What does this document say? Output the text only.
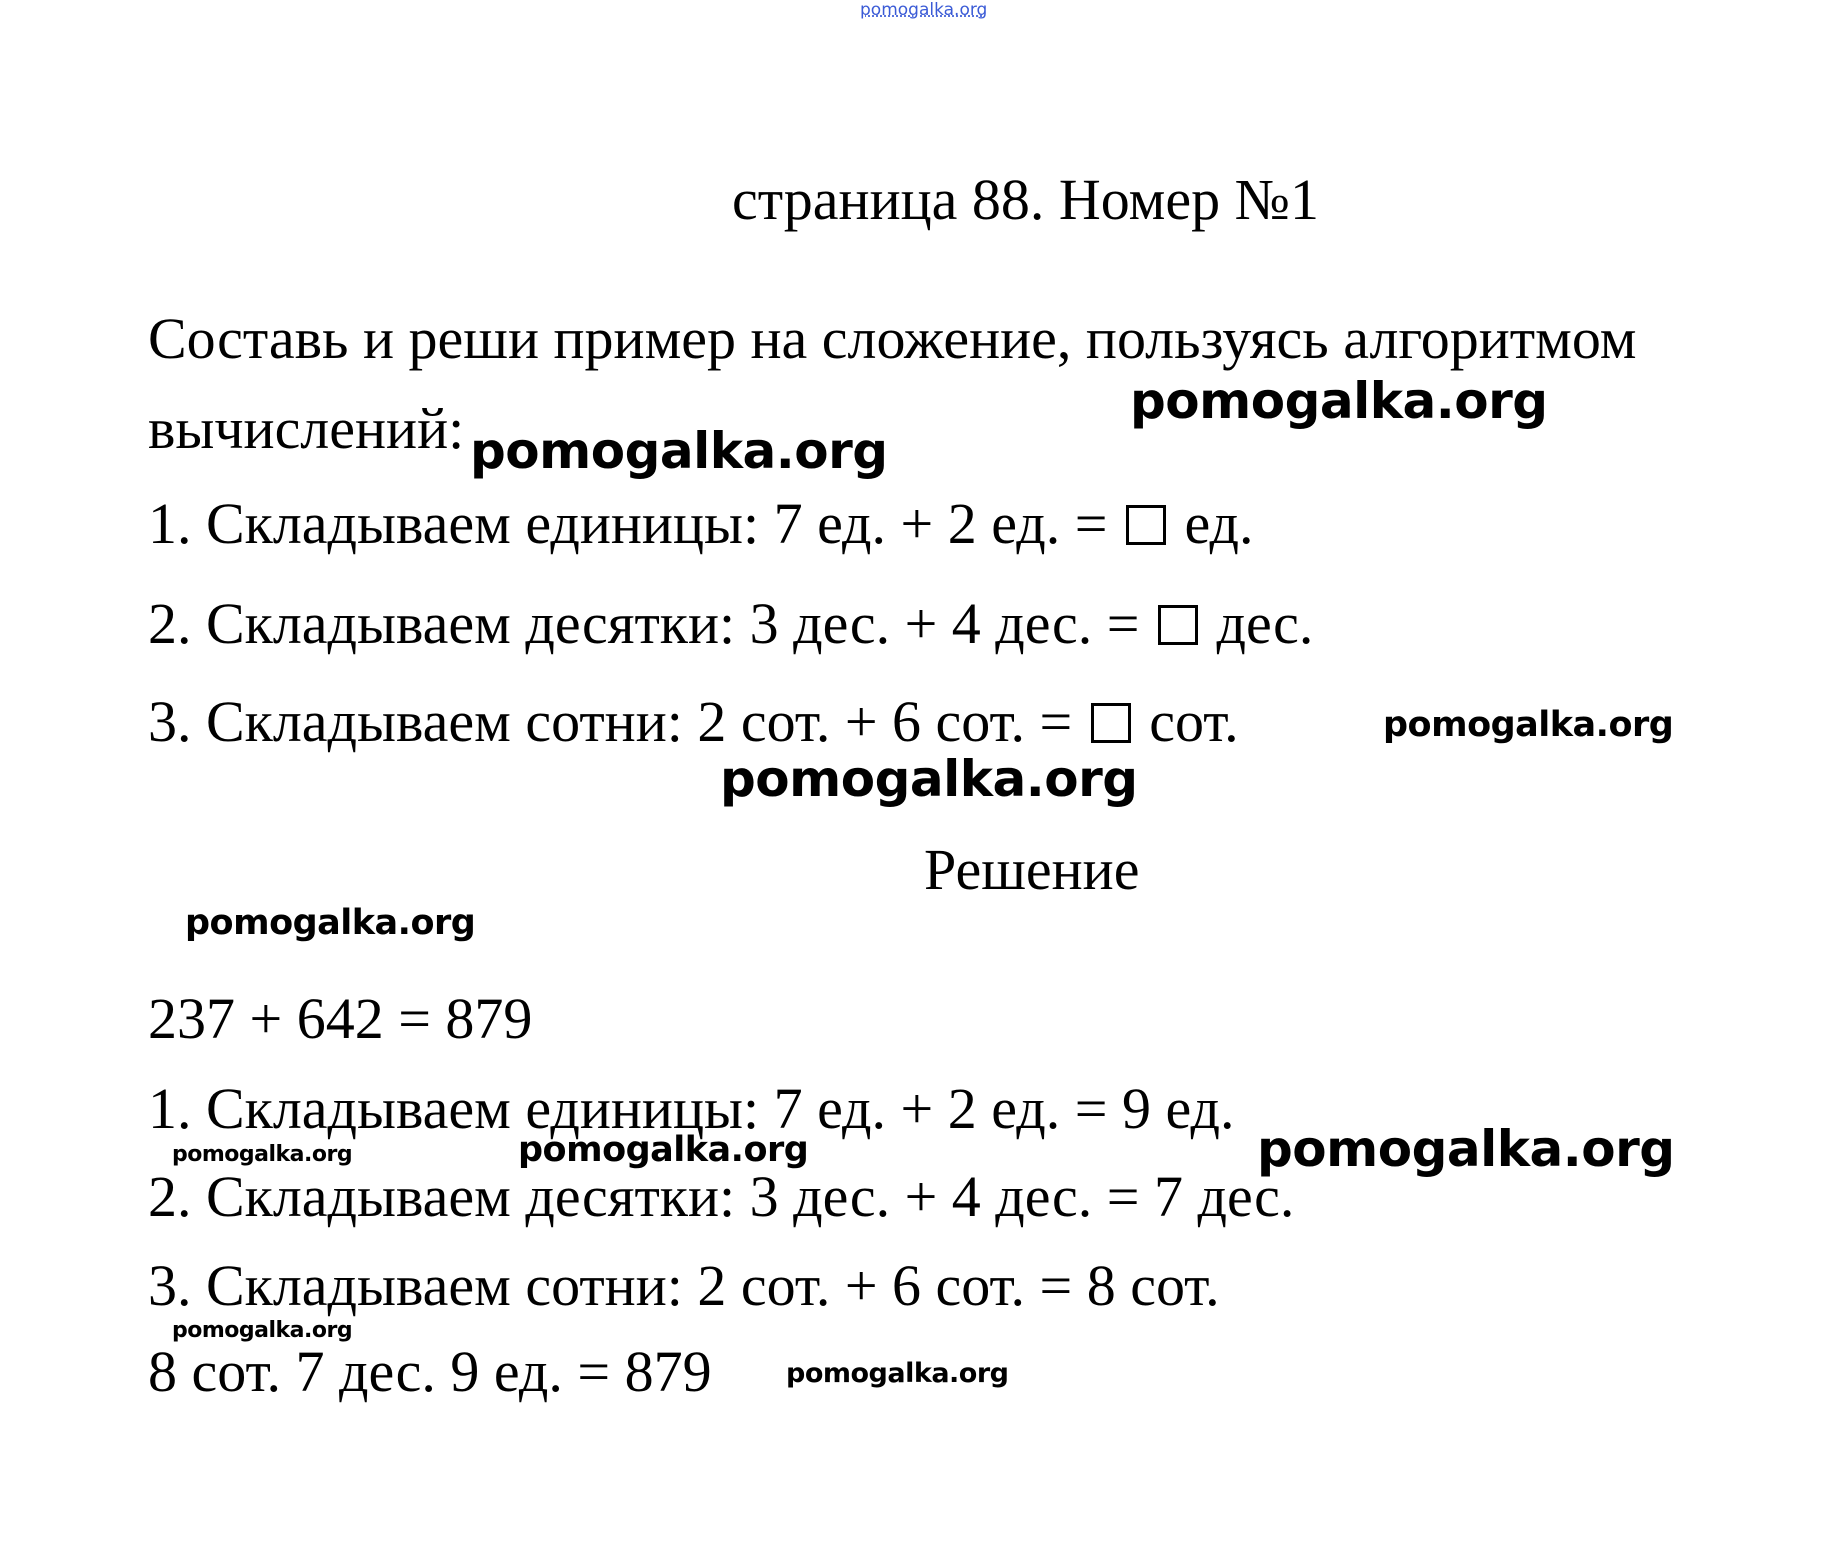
pomogalka.org
страница 88. Номер №1
Составь и реши пример на сложение, пользуясь алгоритмом
вычислений:
1. Складываем единицы: 7 ед. + 2 ед. = ед.
2. Складываем десятки: 3 дес. + 4 дес. = дес.
3. Складываем сотни: 2 сот. + 6 сот. = сот.
Решение
237 + 642 = 879
1. Складываем единицы: 7 ед. + 2 ед. = 9 ед.
2. Складываем десятки: 3 дес. + 4 дес. = 7 дес.
3. Складываем сотни: 2 сот. + 6 сот. = 8 сот.
8 сот. 7 дес. 9 ед. = 879
pomogalka.org
pomogalka.org
pomogalka.org
pomogalka.org
pomogalka.org
pomogalka.org	pomogalka.org	pomogalka.org
pomogalka.org
pomogalka.org
